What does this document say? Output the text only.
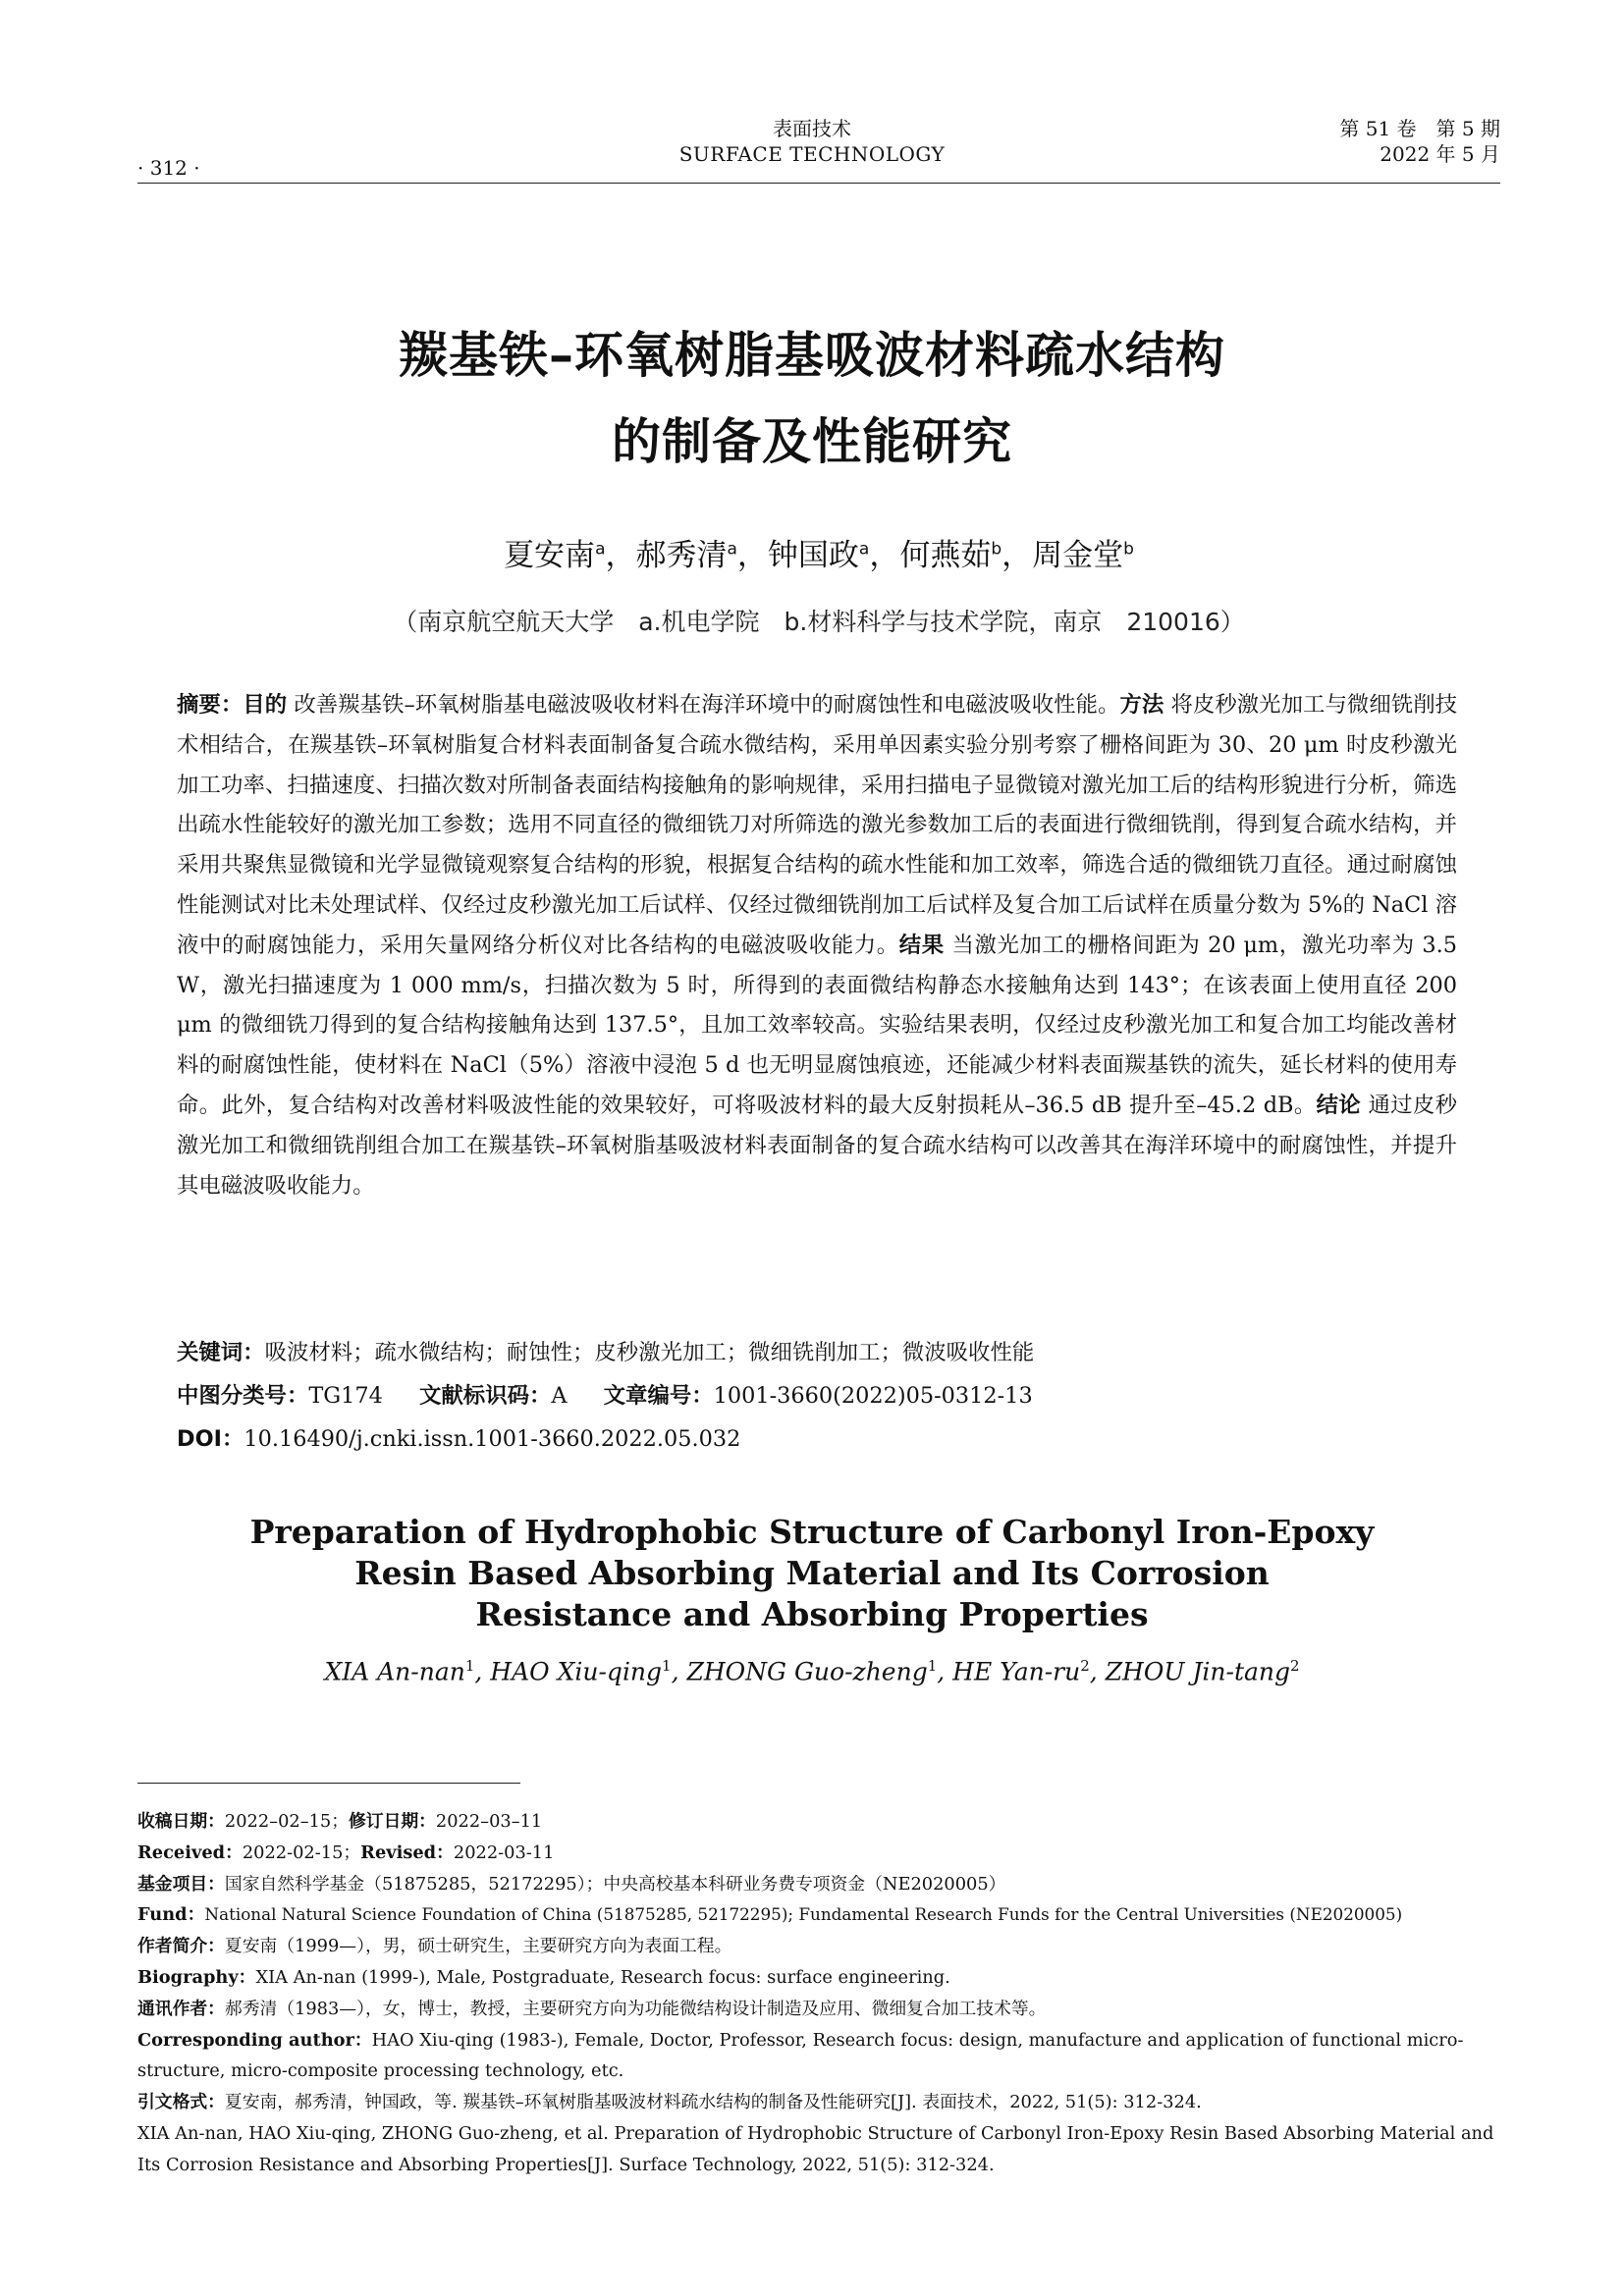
· 312 ·
表面技术
SURFACE TECHNOLOGY
第 51 卷　第 5 期
2022 年 5 月
羰基铁–环氧树脂基吸波材料疏水结构
的制备及性能研究
夏安南$^a$，郝秀清$^a$，钟国政$^a$，何燕茹$^b$，周金堂$^b$
（南京航空航天大学　a.机电学院　b.材料科学与技术学院，南京　210016）
摘要：目的 改善羰基铁–环氧树脂基电磁波吸收材料在海洋环境中的耐腐蚀性和电磁波吸收性能。方法 将皮秒激光加工与微细铣削技术相结合，在羰基铁–环氧树脂复合材料表面制备复合疏水微结构，采用单因素实验分别考察了栅格间距为 30、20 μm 时皮秒激光加工功率、扫描速度、扫描次数对所制备表面结构接触角的影响规律，采用扫描电子显微镜对激光加工后的结构形貌进行分析，筛选出疏水性能较好的激光加工参数；选用不同直径的微细铣刀对所筛选的激光参数加工后的表面进行微细铣削，得到复合疏水结构，并采用共聚焦显微镜和光学显微镜观察复合结构的形貌，根据复合结构的疏水性能和加工效率，筛选合适的微细铣刀直径。通过耐腐蚀性能测试对比未处理试样、仅经过皮秒激光加工后试样、仅经过微细铣削加工后试样及复合加工后试样在质量分数为 5%的 NaCl 溶液中的耐腐蚀能力，采用矢量网络分析仪对比各结构的电磁波吸收能力。结果 当激光加工的栅格间距为 20 μm，激光功率为 3.5 W，激光扫描速度为 1 000 mm/s，扫描次数为 5 时，所得到的表面微结构静态水接触角达到 143°；在该表面上使用直径 200 μm 的微细铣刀得到的复合结构接触角达到 137.5°，且加工效率较高。实验结果表明，仅经过皮秒激光加工和复合加工均能改善材料的耐腐蚀性能，使材料在 NaCl（5%）溶液中浸泡 5 d 也无明显腐蚀痕迹，还能减少材料表面羰基铁的流失，延长材料的使用寿命。此外，复合结构对改善材料吸波性能的效果较好，可将吸波材料的最大反射损耗从–36.5 dB 提升至–45.2 dB。结论 通过皮秒激光加工和微细铣削组合加工在羰基铁–环氧树脂基吸波材料表面制备的复合疏水结构可以改善其在海洋环境中的耐腐蚀性，并提升其电磁波吸收能力。
关键词：吸波材料；疏水微结构；耐蚀性；皮秒激光加工；微细铣削加工；微波吸收性能
中图分类号：TG174 文献标识码：A 文章编号：1001-3660(2022)05-0312-13
DOI：10.16490/j.cnki.issn.1001-3660.2022.05.032
Preparation of Hydrophobic Structure of Carbonyl Iron-Epoxy
Resin Based Absorbing Material and Its Corrosion
Resistance and Absorbing Properties
XIA An-nan$^1$, HAO Xiu-qing$^1$, ZHONG Guo-zheng$^1$, HE Yan-$ru^2$, ZHOU Jin-tang$^2$

收稿日期：2022–02–15；修订日期：2022–03–11

Received：2022-02-15；Revised：2022-03-11

基金项目：国家自然科学基金（51875285，52172295）；中央高校基本科研业务费专项资金（NE2020005）

Fund：National Natural Science Foundation of China (51875285, 52172295); Fundamental Research Funds for the Central Universities (NE2020005)

作者简介：夏安南（1999—），男，硕士研究生，主要研究方向为表面工程。

Biography：XIA An-nan (1999-), Male, Postgraduate, Research focus: surface engineering.

通讯作者：郝秀清（1983—），女，博士，教授，主要研究方向为功能微结构设计制造及应用、微细复合加工技术等。

Corresponding author：HAO Xiu-qing (1983-), Female, Doctor, Professor, Research focus: design, manufacture and application of functional micro-structure, micro-composite processing technology, etc.

引文格式：夏安南，郝秀清，钟国政，等. 羰基铁–环氧树脂基吸波材料疏水结构的制备及性能研究[J]. 表面技术，2022, 51(5): 312-324.

XIA An-nan, HAO Xiu-qing, ZHONG Guo-zheng, et al. Preparation of Hydrophobic Structure of Carbonyl Iron-Epoxy Resin Based Absorbing Material and Its Corrosion Resistance and Absorbing Properties[J]. Surface Technology, 2022, 51(5): 312-324.
